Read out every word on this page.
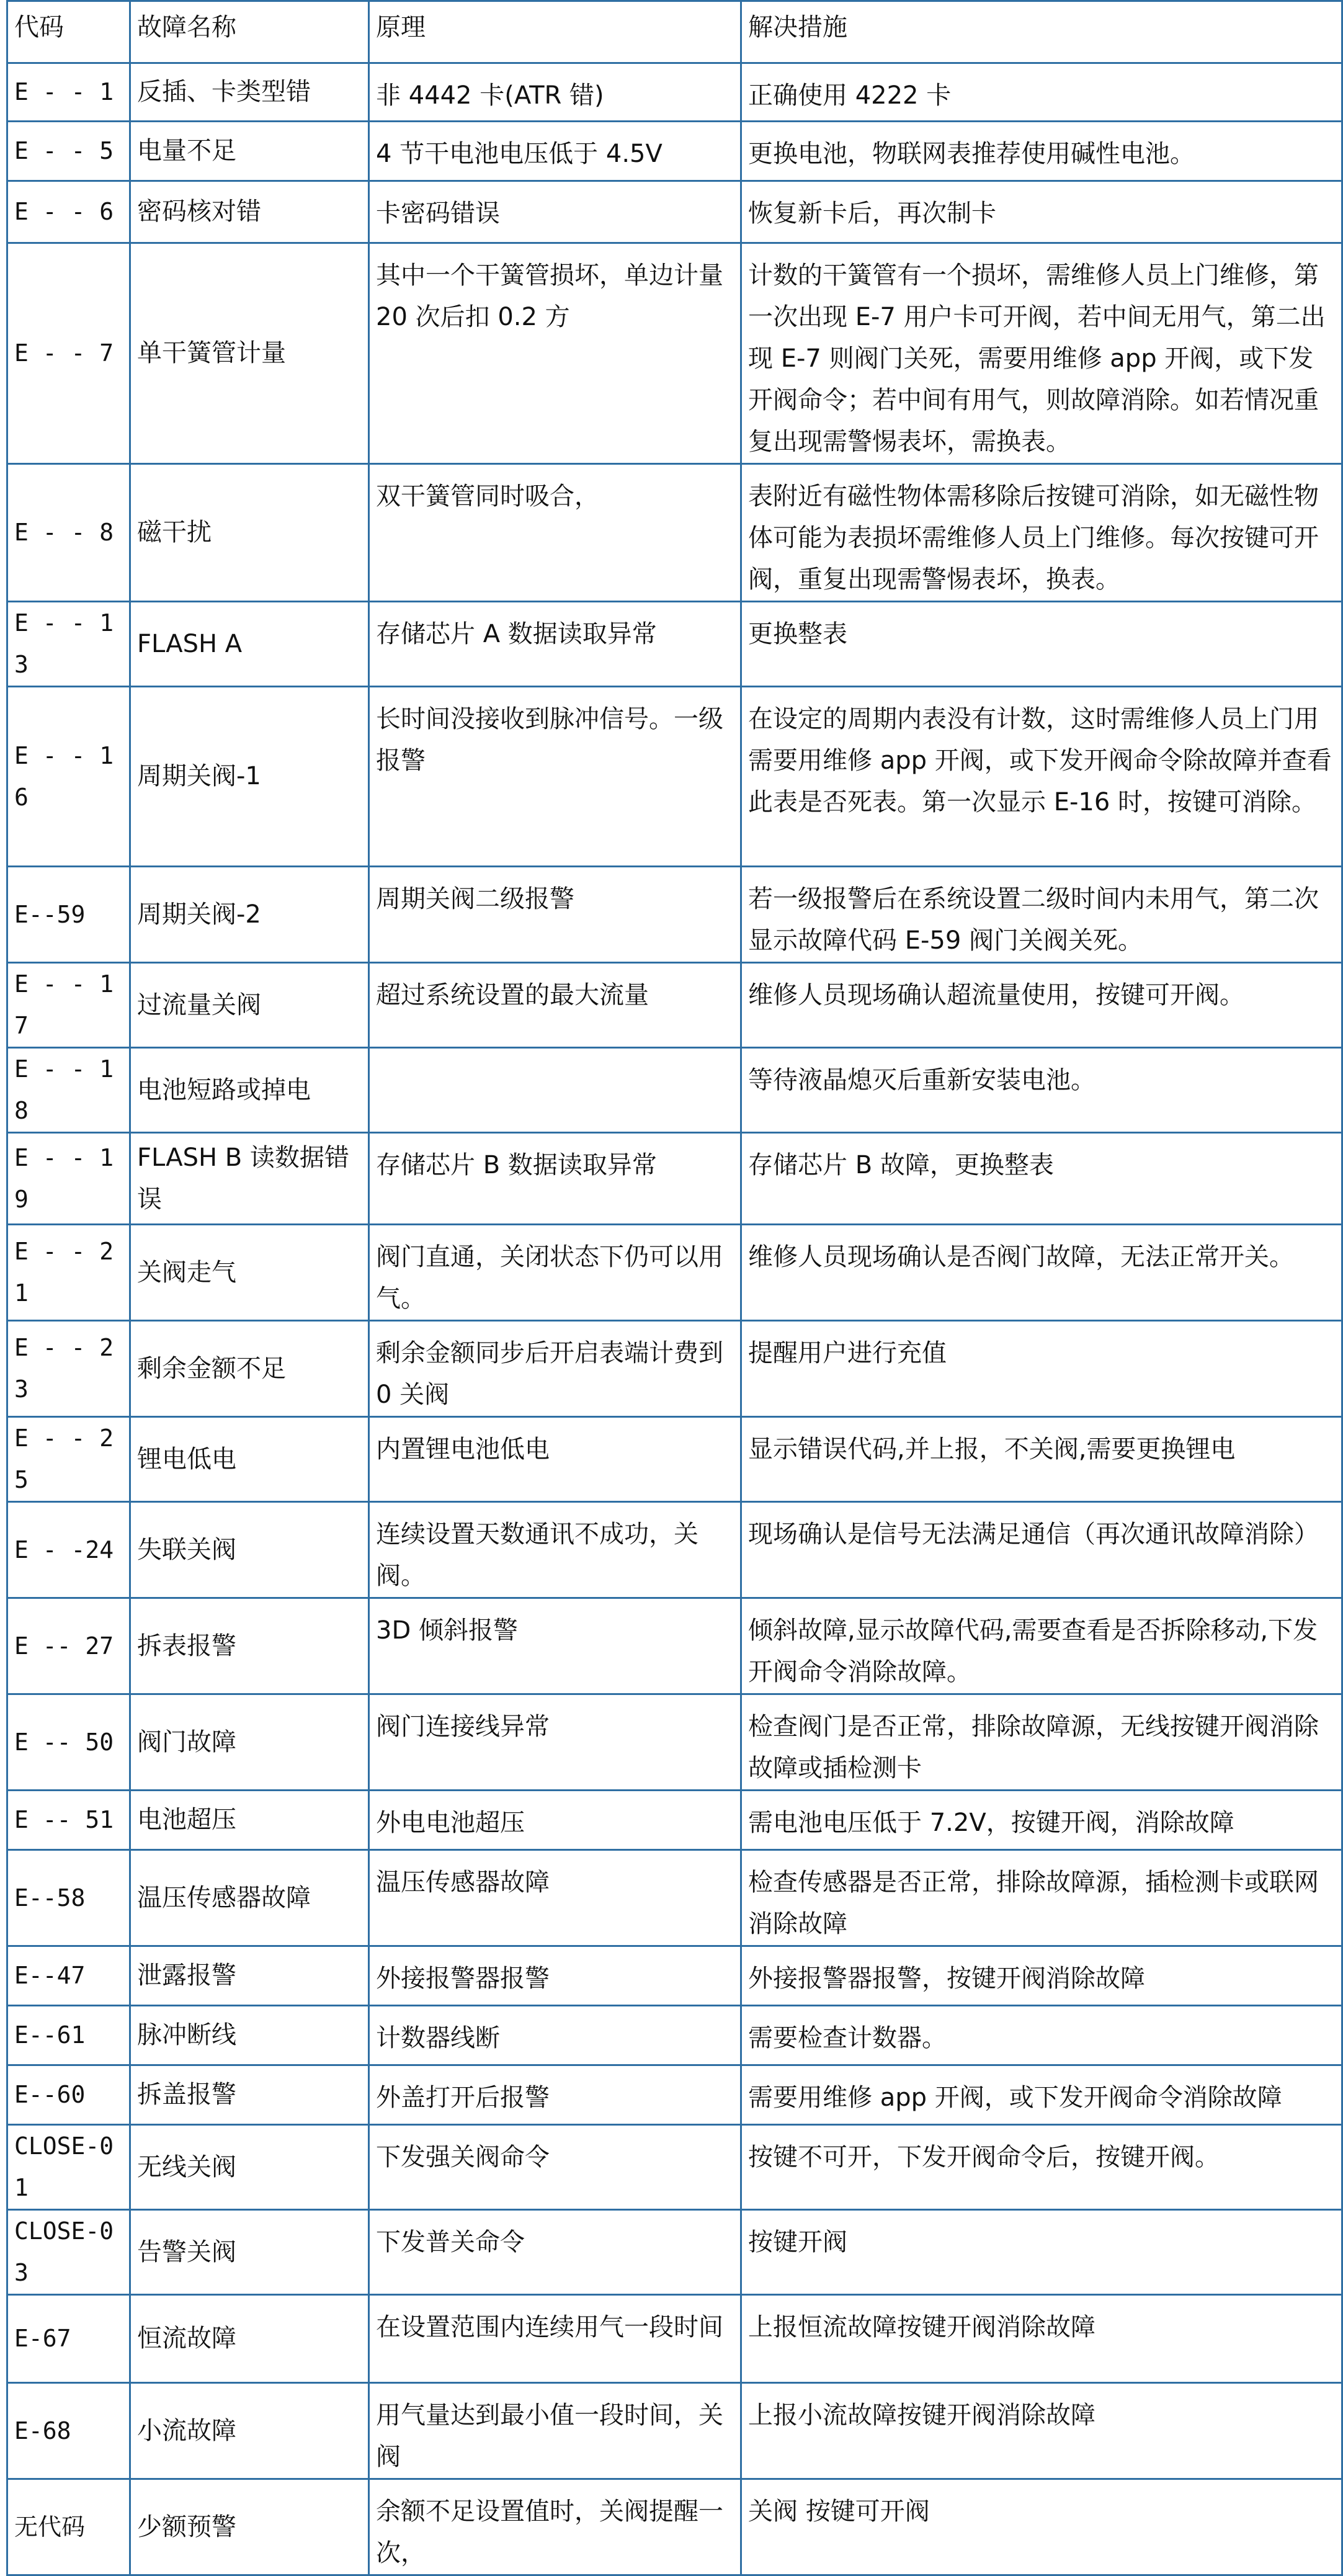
代码	故障名称	原理	解决措施
E - - 1	反插、卡类型错	非 4442 卡(ATR 错)	正确使用 4222 卡
E - - 5	电量不足	4 节干电池电压低于 4.5V	更换电池，物联网表推荐使用碱性电池。
E - - 6	密码核对错	卡密码错误	恢复新卡后，再次制卡
E - - 7	单干簧管计量	其中一个干簧管损坏，单边计量 20 次后扣 0.2 方	计数的干簧管有一个损坏，需维修人员上门维修，第一次出现 E-7 用户卡可开阀，若中间无用气，第二出现 E-7 则阀门关死，需要用维修 app 开阀，或下发开阀命令；若中间有用气，则故障消除。如若情况重复出现需警惕表坏，需换表。
E - - 8	磁干扰	双干簧管同时吸合，	表附近有磁性物体需移除后按键可消除，如无磁性物体可能为表损坏需维修人员上门维修。每次按键可开阀，重复出现需警惕表坏，换表。
E - - 13	FLASH A	存储芯片 A 数据读取异常	更换整表
E - - 16	周期关阀-1	长时间没接收到脉冲信号。一级报警	在设定的周期内表没有计数，这时需维修人员上门用需要用维修 app 开阀，或下发开阀命令除故障并查看此表是否死表。第一次显示 E-16 时，按键可消除。
E--59	周期关阀-2	周期关阀二级报警	若一级报警后在系统设置二级时间内未用气，第二次显示故障代码 E-59 阀门关阀关死。
E - - 17	过流量关阀	超过系统设置的最大流量	维修人员现场确认超流量使用，按键可开阀。
E - - 18	电池短路或掉电		等待液晶熄灭后重新安装电池。
E - - 19	FLASH B 读数据错误	存储芯片 B 数据读取异常	存储芯片 B 故障，更换整表
E - - 21	关阀走气	阀门直通，关闭状态下仍可以用气。	维修人员现场确认是否阀门故障，无法正常开关。
E - - 23	剩余金额不足	剩余金额同步后开启表端计费到 0 关阀	提醒用户进行充值
E - - 25	锂电低电	内置锂电池低电	显示错误代码,并上报，不关阀,需要更换锂电
E - -24	失联关阀	连续设置天数通讯不成功，关阀。	现场确认是信号无法满足通信（再次通讯故障消除）
E -- 27	拆表报警	3D 倾斜报警	倾斜故障,显示故障代码,需要查看是否拆除移动,下发开阀命令消除故障。
E -- 50	阀门故障	阀门连接线异常	检查阀门是否正常，排除故障源，无线按键开阀消除故障或插检测卡
E -- 51	电池超压	外电电池超压	需电池电压低于 7.2V，按键开阀，消除故障
E--58	温压传感器故障	温压传感器故障	检查传感器是否正常，排除故障源，插检测卡或联网消除故障
E--47	泄露报警	外接报警器报警	外接报警器报警，按键开阀消除故障
E--61	脉冲断线	计数器线断	需要检查计数器。
E--60	拆盖报警	外盖打开后报警	需要用维修 app 开阀，或下发开阀命令消除故障
CLOSE-01	无线关阀	下发强关阀命令	按键不可开，下发开阀命令后，按键开阀。
CLOSE-03	告警关阀	下发普关命令	按键开阀
E-67	恒流故障	在设置范围内连续用气一段时间	上报恒流故障按键开阀消除故障
E-68	小流故障	用气量达到最小值一段时间，关阀	上报小流故障按键开阀消除故障
无代码	少额预警	余额不足设置值时，关阀提醒一次，	关阀 按键可开阀
